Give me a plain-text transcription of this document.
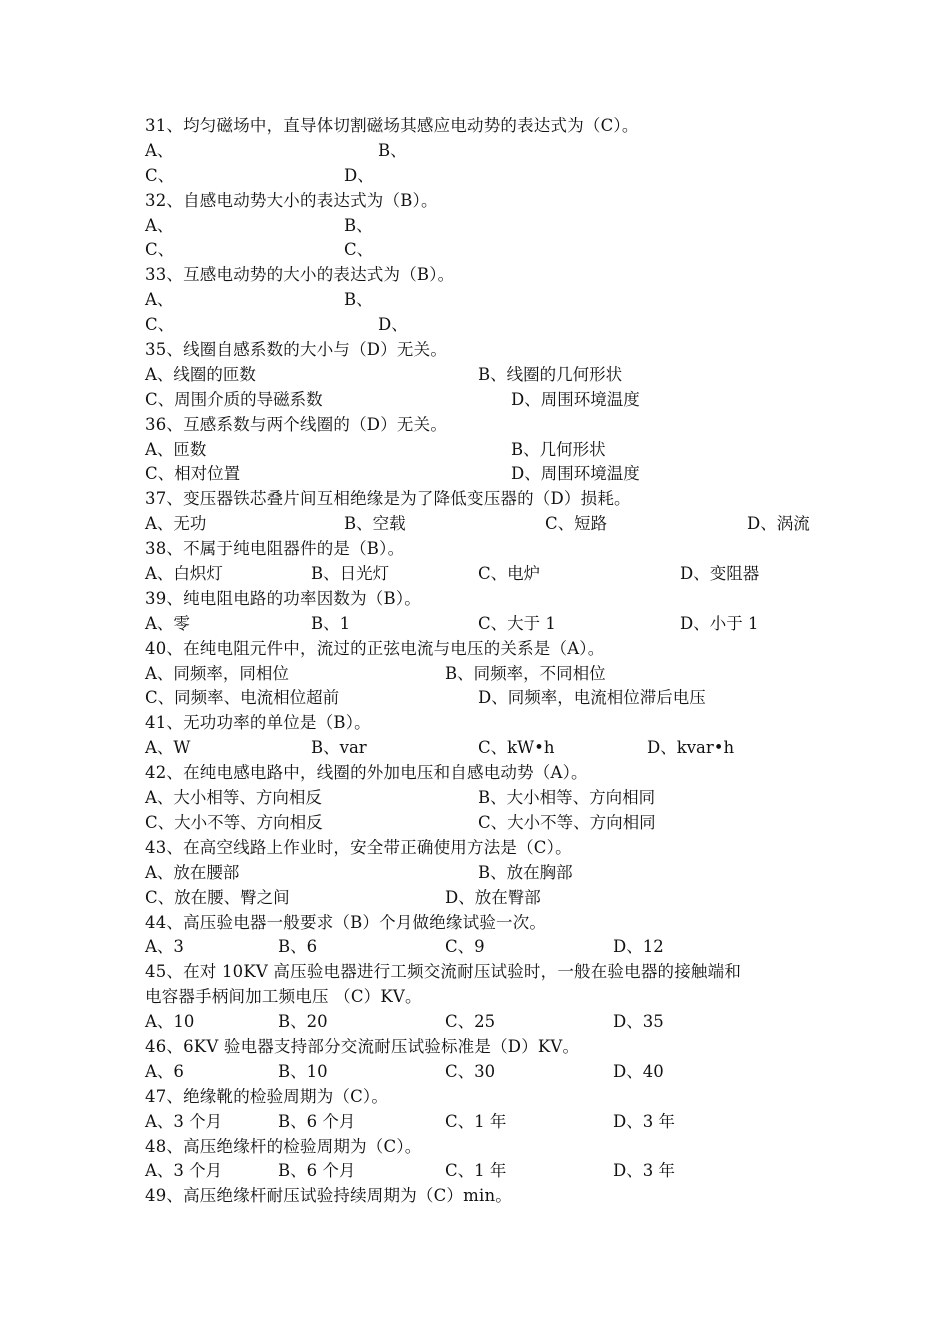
31、均匀磁场中，直导体切割磁场其感应电动势的表达式为（C）。
A、	B、
C、	D、
32、自感电动势大小的表达式为（B）。
A、	B、
C、	C、
33、互感电动势的大小的表达式为（B）。
A、	B、
C、	D、
35、线圈自感系数的大小与（D）无关。
A、线圈的匝数	B、线圈的几何形状
C、周围介质的导磁系数	D、周围环境温度
36、互感系数与两个线圈的（D）无关。
A、匝数	B、几何形状
C、相对位置	D、周围环境温度
37、变压器铁芯叠片间互相绝缘是为了降低变压器的（D）损耗。
A、无功	B、空载	C、短路	D、涡流
38、不属于纯电阻器件的是（B）。
A、白炽灯	B、日光灯	C、电炉	D、变阻器
39、纯电阻电路的功率因数为（B）。
A、零	B、1	C、大于 1	D、小于 1
40、在纯电阻元件中，流过的正弦电流与电压的关系是（A）。
A、同频率，同相位	B、同频率，不同相位
C、同频率、电流相位超前	D、同频率，电流相位滞后电压
41、无功功率的单位是（B）。
A、W	B、var	C、kW•h	D、kvar•h
42、在纯电感电路中，线圈的外加电压和自感电动势（A）。
A、大小相等、方向相反	B、大小相等、方向相同
C、大小不等、方向相反	C、大小不等、方向相同
43、在高空线路上作业时，安全带正确使用方法是（C）。
A、放在腰部	B、放在胸部
C、放在腰、臀之间	D、放在臀部
44、高压验电器一般要求（B）个月做绝缘试验一次。
A、3	B、6	C、9	D、12
45、在对 10KV 高压验电器进行工频交流耐压试验时，一般在验电器的接触端和
电容器手柄间加工频电压 （C）KV。
A、10	B、20	C、25	D、35
46、6KV 验电器支持部分交流耐压试验标准是（D）KV。
A、6	B、10	C、30	D、40
47、绝缘靴的检验周期为（C）。
A、3 个月	B、6 个月	C、1 年	D、3 年
48、高压绝缘杆的检验周期为（C）。
A、3 个月	B、6 个月	C、1 年	D、3 年
49、高压绝缘杆耐压试验持续周期为（C）min。
